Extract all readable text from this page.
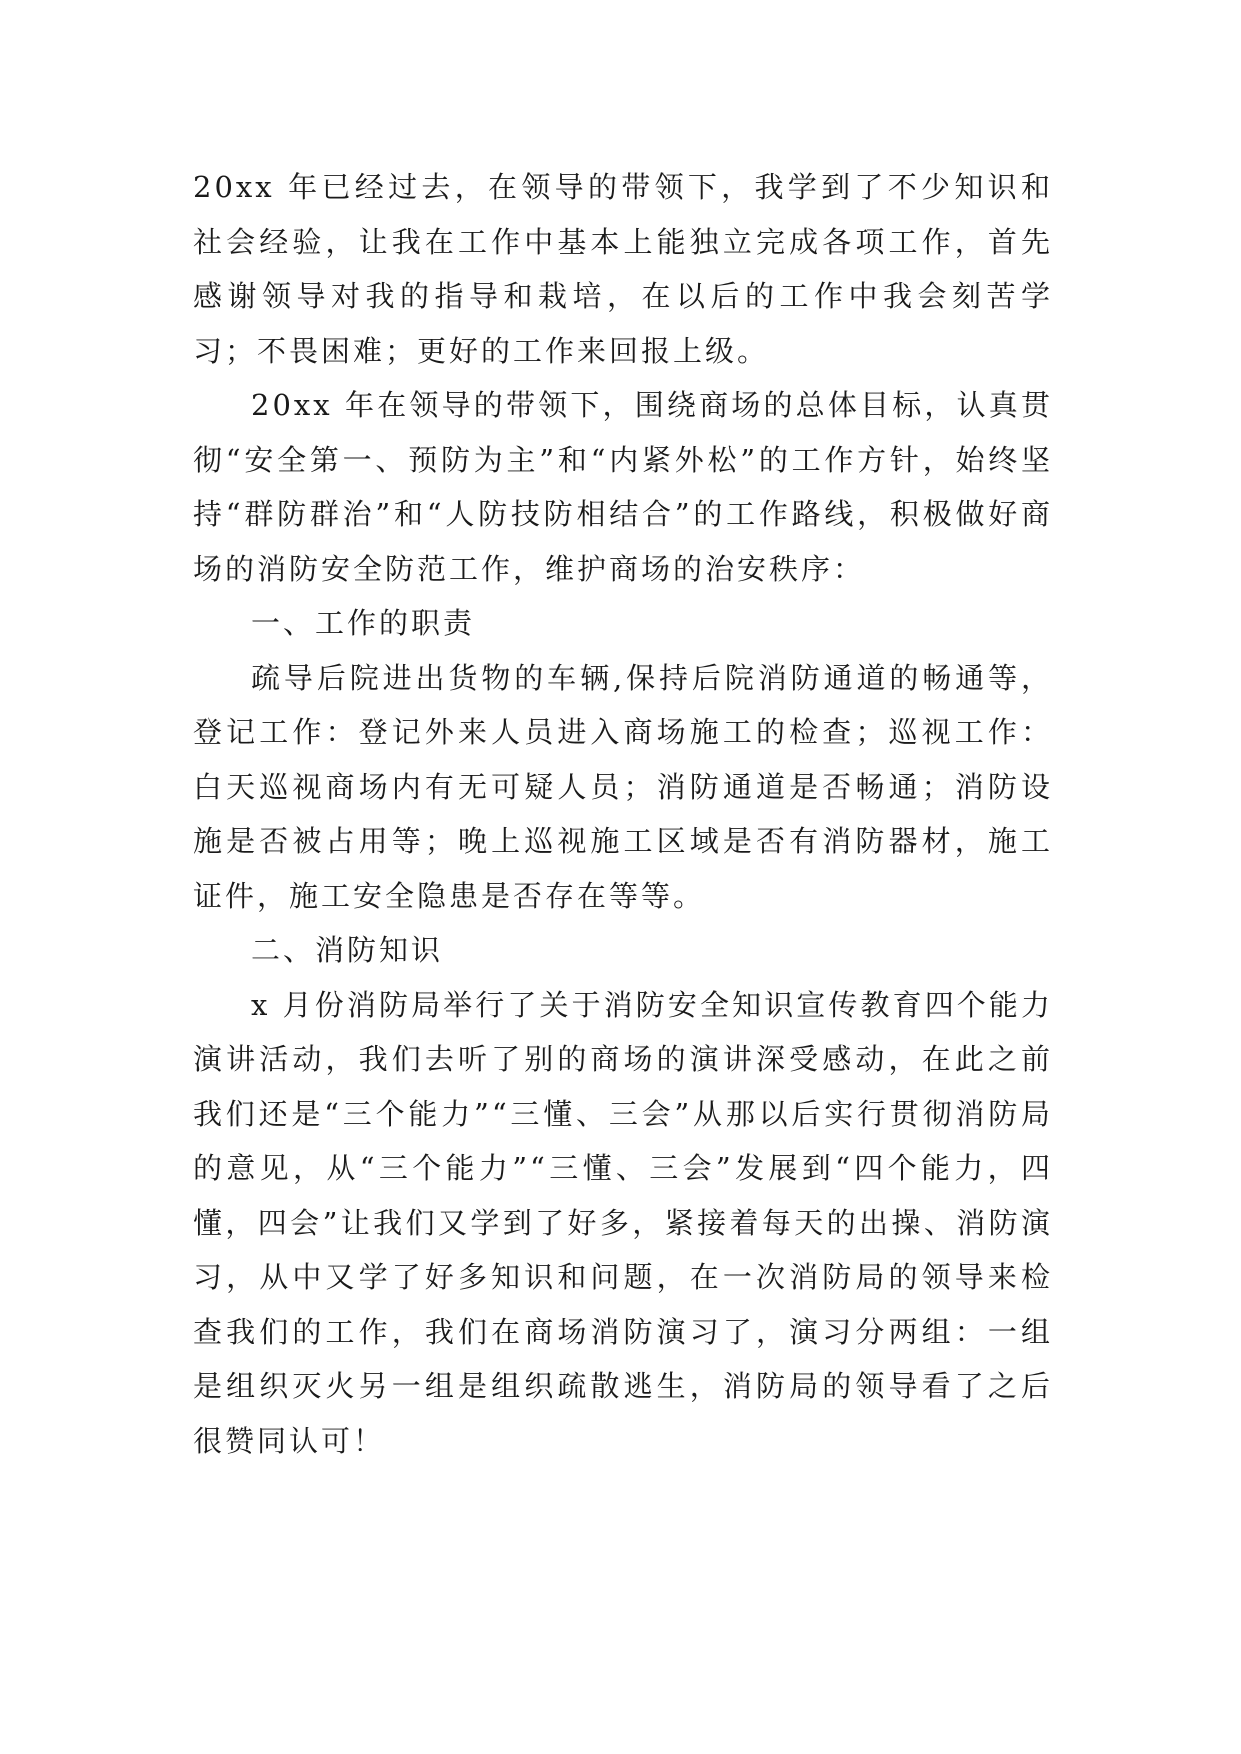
20xx 年已经过去，在领导的带领下，我学到了不少知识和社会经验，让我在工作中基本上能独立完成各项工作，首先感谢领导对我的指导和栽培，在以后的工作中我会刻苦学习；不畏困难；更好的工作来回报上级。

20xx 年在领导的带领下，围绕商场的总体目标，认真贯彻“安全第一、预防为主”和“内紧外松”的工作方针，始终坚持“群防群治”和“人防技防相结合”的工作路线，积极做好商场的消防安全防范工作，维护商场的治安秩序：

一、工作的职责

疏导后院进出货物的车辆,保持后院消防通道的畅通等，登记工作：登记外来人员进入商场施工的检查；巡视工作：白天巡视商场内有无可疑人员；消防通道是否畅通；消防设施是否被占用等；晚上巡视施工区域是否有消防器材，施工证件，施工安全隐患是否存在等等。

二、消防知识

x 月份消防局举行了关于消防安全知识宣传教育四个能力演讲活动，我们去听了别的商场的演讲深受感动，在此之前我们还是“三个能力”“三懂、三会”从那以后实行贯彻消防局的意见，从“三个能力”“三懂、三会”发展到“四个能力，四懂，四会”让我们又学到了好多，紧接着每天的出操、消防演习，从中又学了好多知识和问题，在一次消防局的领导来检查我们的工作，我们在商场消防演习了，演习分两组：一组是组织灭火另一组是组织疏散逃生，消防局的领导看了之后很赞同认可！
